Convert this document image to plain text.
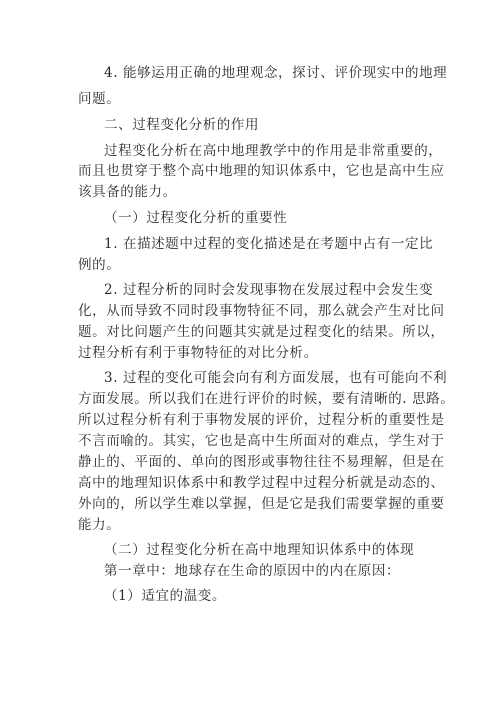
4. 能够运用正确的地理观念，探讨、评价现实中的地理
问题。
二、过程变化分析的作用
过程变化分析在高中地理教学中的作用是非常重要的，
而且也贯穿于整个高中地理的知识体系中，它也是高中生应
该具备的能力。
（一）过程变化分析的重要性
1. 在描述题中过程的变化描述是在考题中占有一定比
例的。
2. 过程分析的同时会发现事物在发展过程中会发生变
化，从而导致不同时段事物特征不同，那么就会产生对比问
题。对比问题产生的问题其实就是过程变化的结果。所以，
过程分析有利于事物特征的对比分析。
3. 过程的变化可能会向有利方面发展，也有可能向不利
方面发展。所以我们在进行评价的时候，要有清晰的. 思路。
所以过程分析有利于事物发展的评价，过程分析的重要性是
不言而喻的。其实，它也是高中生所面对的难点，学生对于
静止的、平面的、单向的图形或事物往往不易理解，但是在
高中的地理知识体系中和教学过程中过程分析就是动态的、
外向的，所以学生难以掌握，但是它是我们需要掌握的重要
能力。
（二）过程变化分析在高中地理知识体系中的体现
第一章中：地球存在生命的原因中的内在原因：
（1）适宜的温变。
